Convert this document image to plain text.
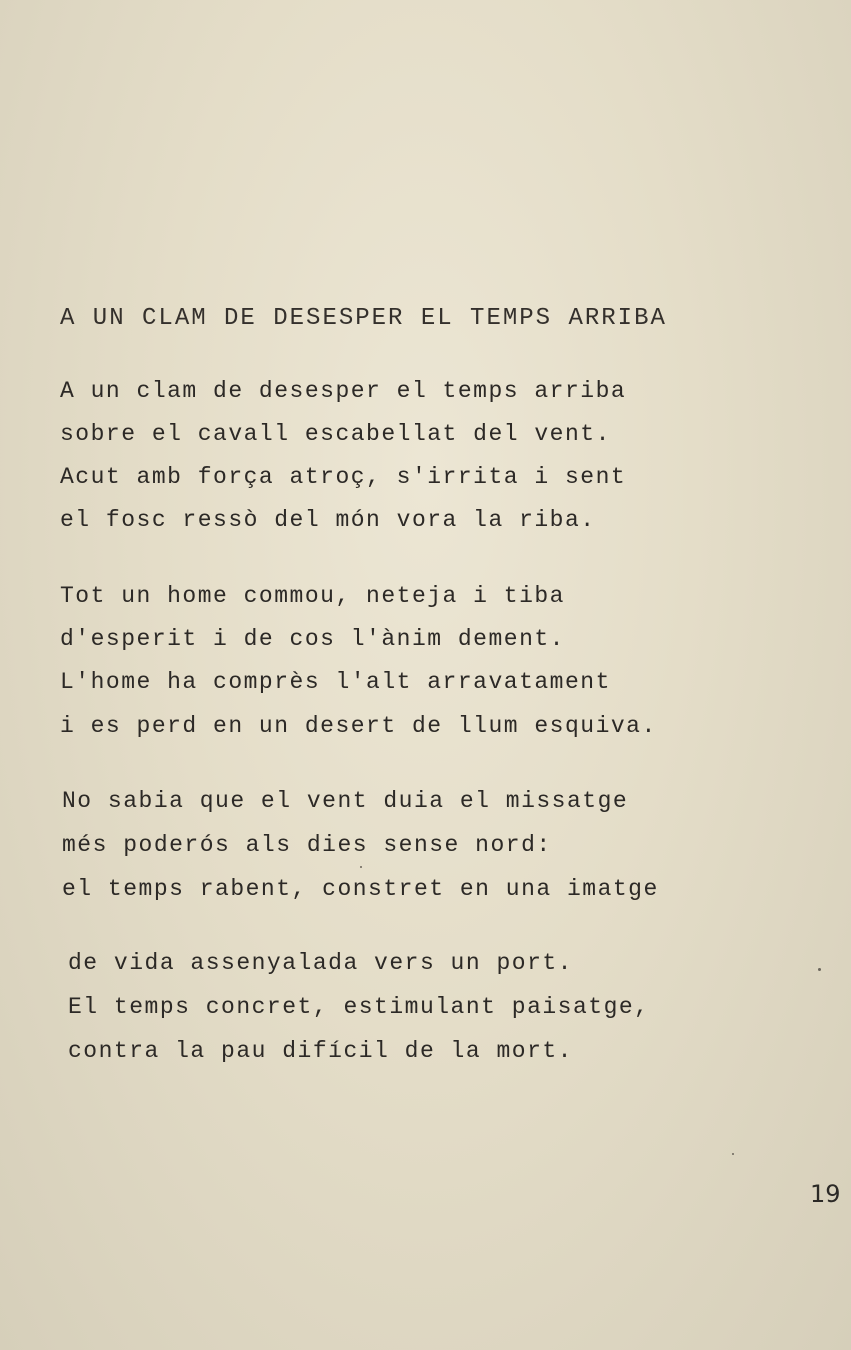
A UN CLAM DE DESESPER EL TEMPS ARRIBA
A un clam de desesper el temps arriba
sobre el cavall escabellat del vent.
Acut amb força atroç, s'irrita i sent
el fosc ressò del món vora la riba.
Tot un home commou, neteja i tiba
d'esperit i de cos l'ànim dement.
L'home ha comprès l'alt arravatament
i es perd en un desert de llum esquiva.
No sabia que el vent duia el missatge
més poderós als dies sense nord:
el temps rabent, constret en una imatge
de vida assenyalada vers un port.
El temps concret, estimulant paisatge,
contra la pau difícil de la mort.
19
